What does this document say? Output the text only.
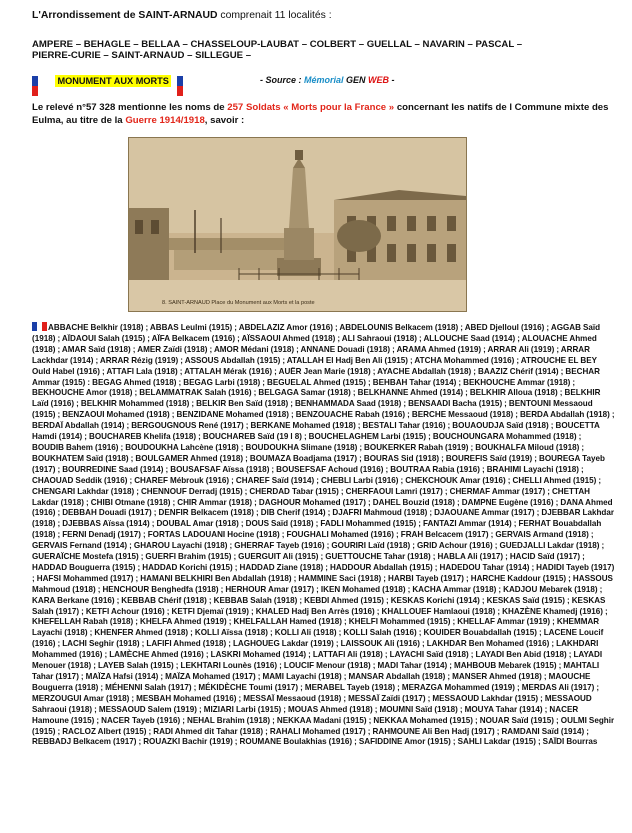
L'Arrondissement de SAINT-ARNAUD comprenait 11 localités :
AMPERE – BEHAGLE – BELLAA – CHASSELOUP-LAUBAT – COLBERT – GUELLAL – NAVARIN – PASCAL –
PIERRE-CURIE – SAINT-ARNAUD – SILLEGUE –
MONUMENT AUX MORTS	- Source : Mémorial GEN WEB -
Le relevé n°57 328 mentionne les noms de 257 Soldats « Morts pour la France » concernant les natifs de l Commune mixte des Eulma, au titre de la Guerre 1914/1918, savoir :
8. SAINT-ARNAUD Place du Monument aux Morts et la poste
ABBACHE Belkhir (1918) ; ABBAS Leulmi (1915) ; ABDELAZIZ Amor (1916) ; ABDELOUNIS Belkacem (1918) ; ABED Djelloul (1916) ; AGGAB Saïd (1918) ; AÏDAOUI Salah (1915) ; AÏFA Belkacem (1916) ; AÏSSAOUI Ahmed (1918) ; ALI Sahraoui (1918) ; ALLOUCHE Saad (1914) ; ALOUACHE Ahmed (1918) ; AMAR Saïd (1918) ; AMER Zaïdi (1918) ; AMOR Médani (1918) ; ANNANE Douadi (1918) ; ARAMA Ahmed (1919) ; ARRAR Ali (1919) ; ARRAR Lackhdar (1914) ; ARRAR Rézig (1919) ; ASSOUS Abdallah (1915) ; ATALLAH El Hadj Ben Ali (1915) ; ATCHA Mohammed (1916) ; ATROUCHE EL BEY Ould Habel (1916) ; ATTAFI Lala (1918) ; ATTALAH Mérak (1916) ; AUËR Jean Marie (1918) ; AYACHE Abdallah (1918) ; BAAZIZ Chérif (1914) ; BECHAR Ammar (1915) : BEGAG Ahmed (1918) ; BEGAG Larbi (1918) ; BEGUELAL Ahmed (1915) ; BEHBAH Tahar (1914) ; BEKHOUCHE Ammar (1918) ; BEKHOUCHE Amor (1918) ; BELAMMATRAK Salah (1916) ; BELGAGA Samar (1918) ; BELKHANNE Ahmed (1914) ; BELKHIR Alloua (1918) ; BELKHIR Laïd (1916) ; BELKHIR Mohammed (1918) ; BELKIR Ben Saïd (1918) ; BENHAMMADA Saad (1918) ; BENSAADI Bacha (1915) ; BENTOUNI Messaoud (1915) ; BENZAOUI Mohamed (1918) ; BENZIDANE Mohamed (1918) ; BENZOUACHE Rabah (1916) ; BERCHE Messaoud (1918) ; BERDA Abdallah (1918) ; BERDAÏ Abdallah (1914) ; BERGOUGNOUS René (1917) ; BERKANE Mohamed (1918) ; BESTALI Tahar (1916) ; BOUAOUDJA Saïd (1918) ; BOUCETTA Hamdi (1914) ; BOUCHAREB Khelifa (1918) ; BOUCHAREB Saïd (19 l 8) ; BOUCHELAGHEM Larbi (1915) ; BOUCHOUNGARA Mohammed (1918) ; BOUDIB Bahem (1916) ; BOUDOUKHA Lahcène (1918) ; BOUDOUKHA Slimane (1918) ; BOUKERKER Rabah (1919) ; BOUKHALFA Miloud (1918) ; BOUKHATEM Saïd (1918) ; BOULGAMER Ahmed (1918) ; BOUMAZA Boadjama (1917) ; BOURAS Sid (1918) ; BOUREFIS Saïd (1919) ; BOUREGA Tayeb (1917) ; BOURREDINE Saad (1914) ; BOUSAFSAF Aïssa (1918) ; BOUSEFSAF Achoud (1916) ; BOUTRAA Rabia (1916) ; BRAHIMI Layachi (1918) ; CHAOUAD Seddik (1916) ; CHAREF Mébrouk (1916) ; CHAREF Saïd (1914) ; CHEBLI Larbi (1916) ; CHEKCHOUK Amar (1916) ; CHELLI Ahmed (1915) ; CHENGARI Lakhdar (1918) ; CHENNOUF Derradj (1915) ; CHERDAD Tabar (1915) ; CHERFAOUI Lamri (1917) ; CHERMAF Ammar (1917) ; CHETTAH Lakdar (1918) ; CHIBI Otmane (1918) ; CHIR Ammar (1918) ; DAGHOUR Mohamed (1917) ; DAHEL Bouzid (1918) ; DAMPNE Eugène (1916) ; DANA Ahmed (1916) ; DEBBAH Douadi (1917) ; DENFIR Belkacem (1918) ; DIB Cherif (1914) ; DJAFRI Mahmoud (1918) ; DJAOUANE Ammar (1917) ; DJEBBAR Lakhdar (1918) ; DJEBBAS Aïssa (1914) ; DOUBAL Amar (1918) ; DOUS Saïd (1918) ; FADLI Mohammed (1915) ; FANTAZI Ammar (1914) ; FERHAT Bouabdallah (1918) ; FERNI Denadj (1917) ; FORTAS LADOUANI Hocine (1918) ; FOUGHALI Mohamed (1916) ; FRAH Belcacem (1917) ; GERVAIS Armand (1918) ; GERVAIS Fernand (1914) ; GHAROU Layachi (1918) ; GHERRAF Tayeb (1916) ; GOURIRI Laïd (1918) ; GRID Achour (1916) ; GUEDJALLI Lakdar (1918) ; GUERAÏCHE Mostefa (1915) ; GUERFI Brahim (1915) ; GUERGUIT Ali (1915) ; GUETTOUCHE Tahar (1918) ; HABLA Ali (1917) ; HACID Saïd (1917) ; HADDAD Bouguerra (1915) ; HADDAD Korichi (1915) ; HADDAD Ziane (1918) ; HADDOUR Abdallah (1915) ; HADEDOU Tahar (1914) ; HADIDI Tayeb (1917) ; HAFSI Mohammed (1917) ; HAMANI BELKHIRI Ben Abdallah (1918) ; HAMMINE Saci (1918) ; HARBI Tayeb (1917) ; HARCHE Kaddour (1915) ; HASSOUS Mahmoud (1918) ; HENCHOUR Benghedfa (1918) ; HERHOUR Amar (1917) ; IKEN Mohamed (1918) ; KACHA Ammar (1918) ; KADJOU Mebarek (1918) ; KARA Berkane (1916) ; KEBBAB Chérif (1918) ; KEBBAB Salah (1918) ; KEBDI Ahmed (1915) ; KESKAS Korichi (1914) ; KESKAS Saïd (1915) ; KESKAS Salah (1917) ; KETFI Achour (1916) ; KETFI Djemaï (1919) ; KHALED Hadj Ben Arrès (1916) ; KHALLOUEF Hamlaoui (1918) ; KHAZÈNE Khamedj (1916) ; KHEFELLAH Rabah (1918) ; KHELFA Ahmed (1919) ; KHELFALLAH Hamed (1918) ; KHELFI Mohammed (1915) ; KHELLAF Ammar (1919) ; KHEMMAR Layachi (1918) ; KHENFER Ahmed (1918) ; KOLLI Aïssa (1918) ; KOLLI Ali (1918) ; KOLLI Salah (1916) ; KOUIDER Bouabdallah (1915) ; LACENE Loucif (1916) ; LACHI Seghir (1918) ; LAFIFI Ahmed (1918) ; LAGHOUEG Lakdar (1919) ; LAISSOUK Ali (1916) ; LAKHDAR Ben Mohamed (1916) ; LAKHDARI Mohammed (1916) ; LAMÈCHE Ahmed (1916) ; LASKRI Mohamed (1914) ; LATTAFI Ali (1918) ; LAYACHI Saïd (1918) ; LAYADI Ben Abid (1918) ; LAYADI Menouer (1918) ; LAYEB Salah (1915) ; LEKHTARI Lounès (1916) ; LOUCIF Menour (1918) ; MADI Tahar (1914) ; MAHBOUB Mebarek (1915) ; MAHTALI Tahar (1917) ; MAÏZA Hafsi (1914) ; MAÏZA Mohamed (1917) ; MAMI Layachi (1918) ; MANSAR Abdallah (1918) ; MANSER Ahmed (1918) ; MAOUCHE Bouguerra (1918) ; MÉHENNI Salah (1917) ; MÉKIDÈCHE Toumi (1917) ; MERABEL Tayeb (1918) ; MERAZGA Mohammed (1919) ; MERDAS Ali (1917) ; MERZOUGUI Amar (1918) ; MESBAH Mohamed (1916) ; MESSAÏ Messaoud (1918) ; MESSAÏ Zaïdi (1917) ; MESSAOUD Lakhdar (1915) ; MESSAOUD Sahraoui (1918) ; MESSAOUD Salem (1919) ; MIZIARI Larbi (1915) ; MOUAS Ahmed (1918) ; MOUMNI Saïd (1918) ; MOUYA Tahar (1914) ; NACER Hamoune (1915) ; NACER Tayeb (1916) ; NEHAL Brahim (1918) ; NEKKAA Madani (1915) ; NEKKAA Mohamed (1915) ; NOUAR Saïd (1915) ; OULMI Seghir (1915) ; RACLOZ Albert (1915) ; RADI Ahmed dit Tahar (1918) ; RAHALI Mohamed (1917) ; RAHMOUNE Ali Ben Hadj (1917) ; RAMDANI Saïd (1914) ; REBBADJ Belkacem (1917) ; ROUAZKI Bachir (1919) ; ROUMANE Boulakhias (1916) ; SAFIDDINE Amor (1915) ; SAHLI Lakdar (1915) ; SAÏDI Bourras
